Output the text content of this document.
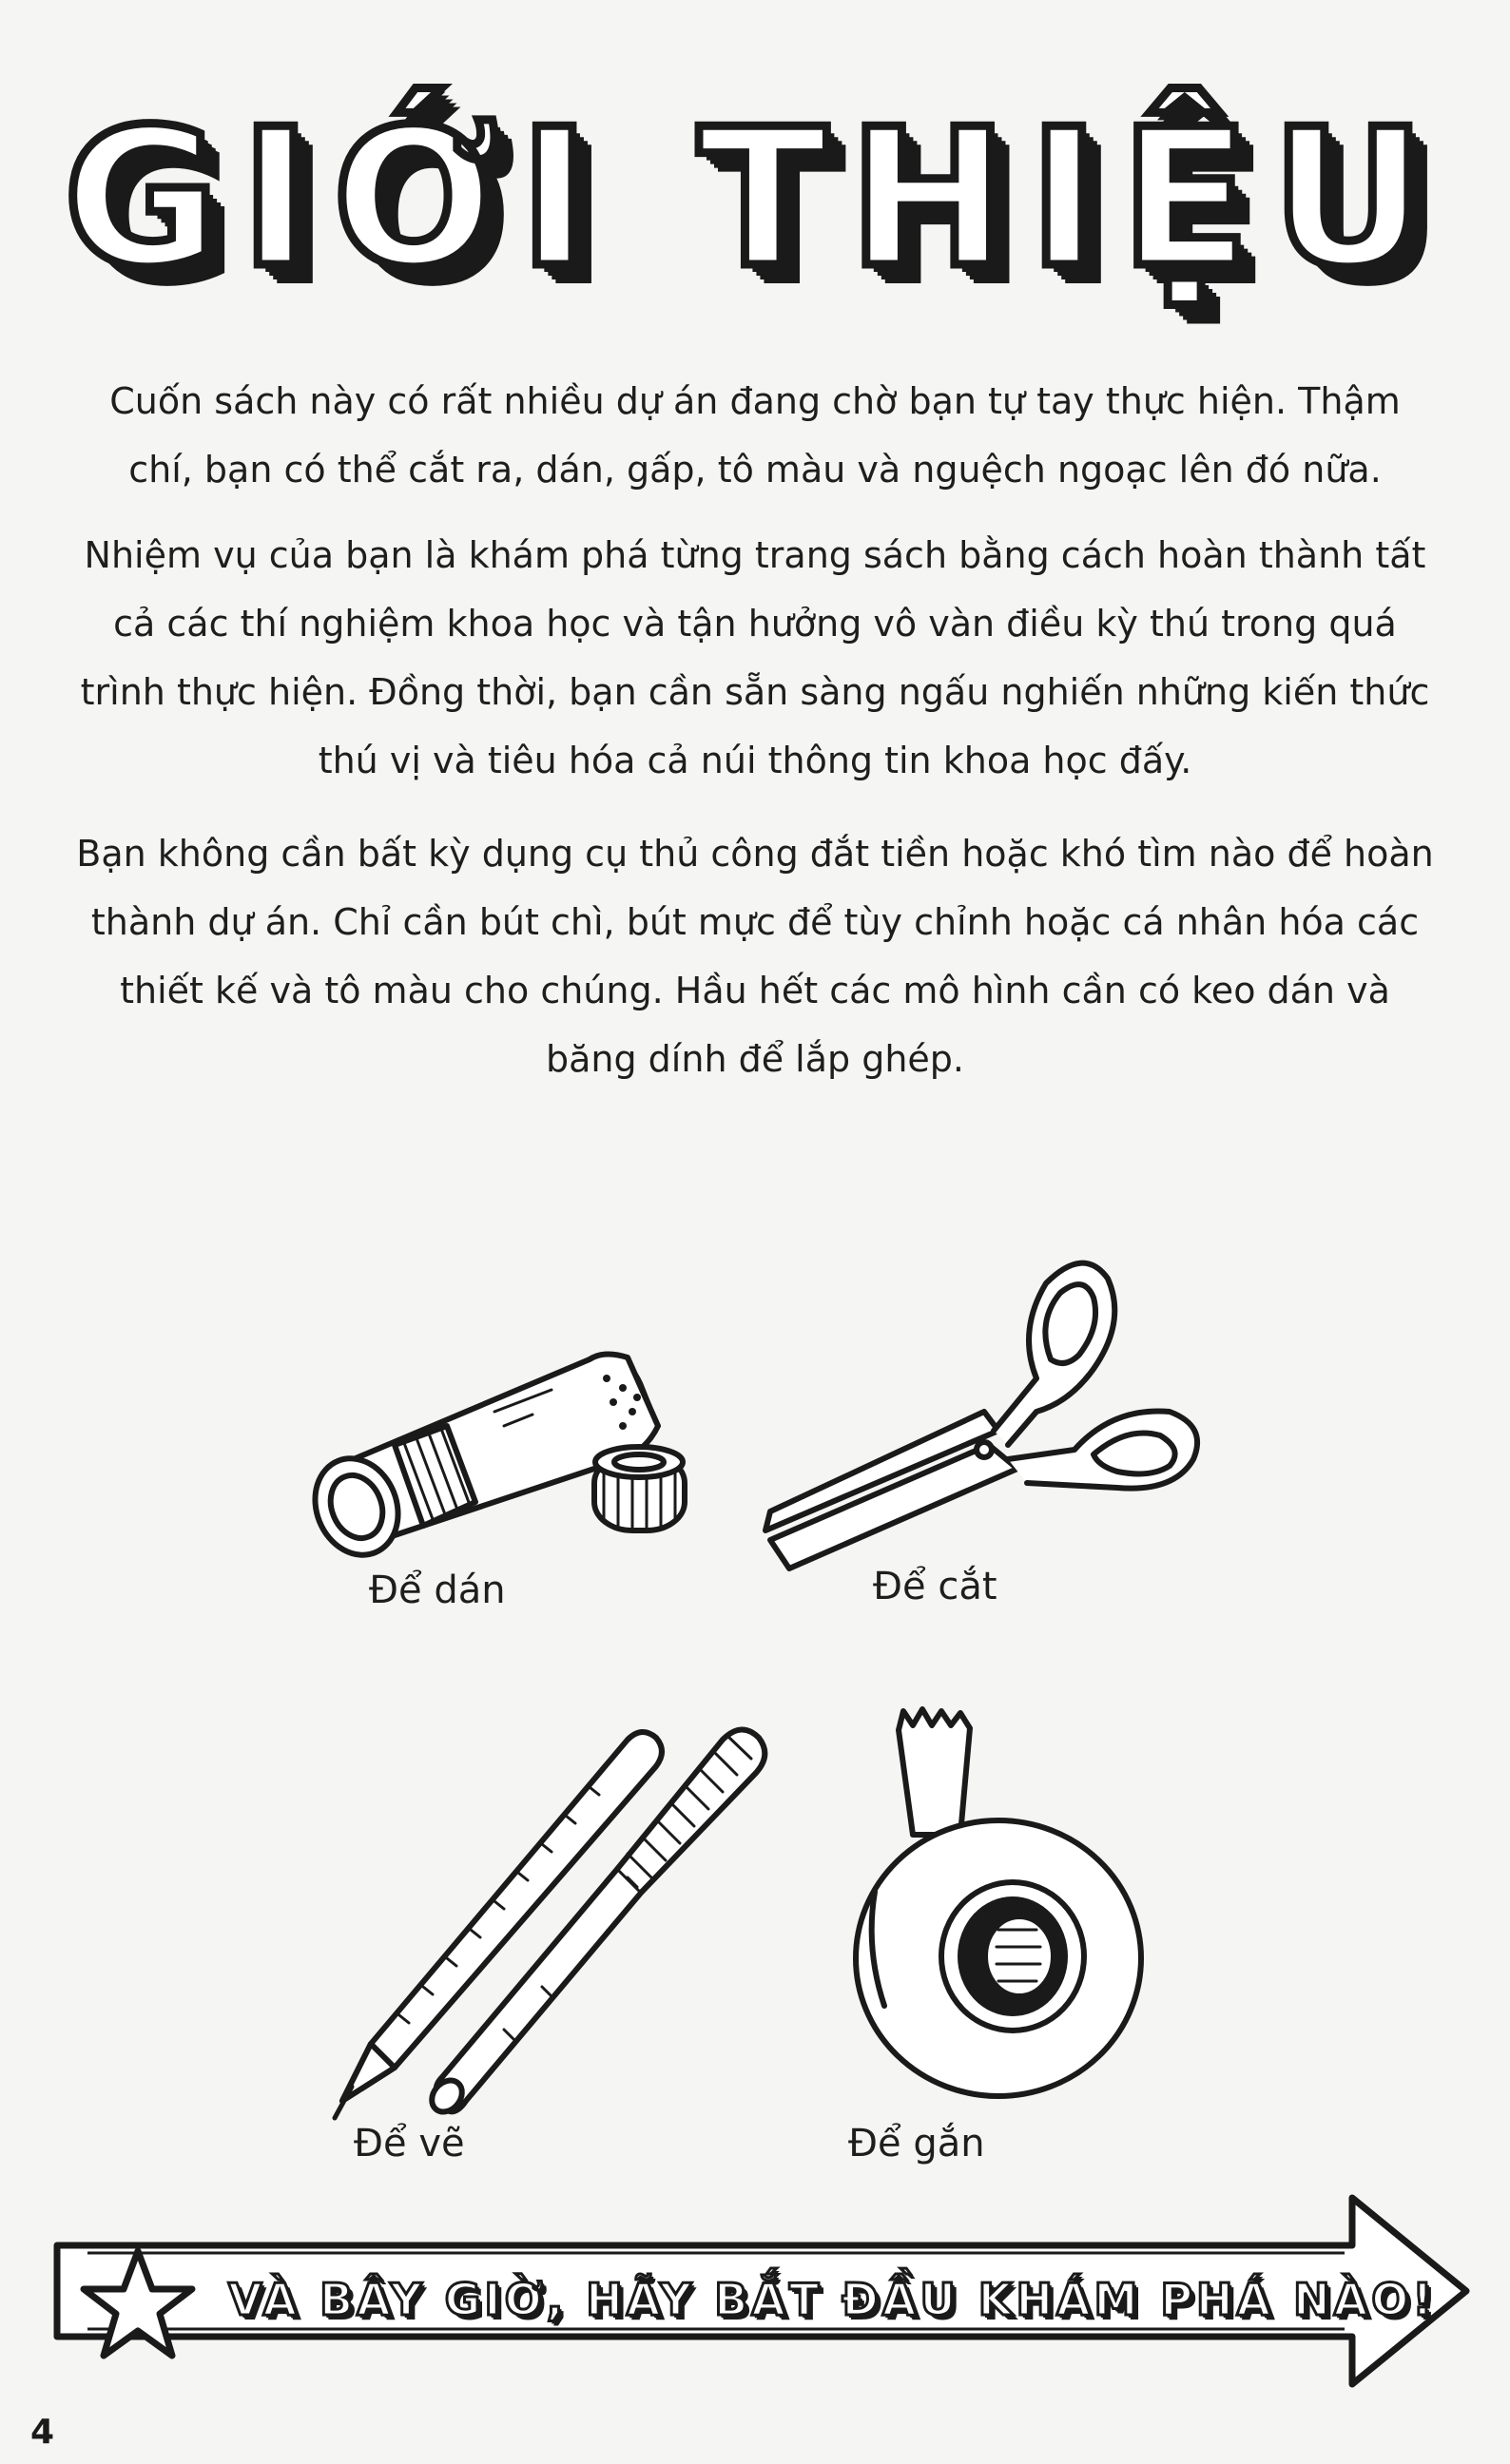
GIỚI THIỆU

Cuốn sách này có rất nhiều dự án đang chờ bạn tự tay thực hiện. Thậm chí, bạn có thể cắt ra, dán, gấp, tô màu và nguệch ngoạc lên đó nữa.

Nhiệm vụ của bạn là khám phá từng trang sách bằng cách hoàn thành tất cả các thí nghiệm khoa học và tận hưởng vô vàn điều kỳ thú trong quá trình thực hiện. Đồng thời, bạn cần sẵn sàng ngấu nghiến những kiến thức thú vị và tiêu hóa cả núi thông tin khoa học đấy.

Bạn không cần bất kỳ dụng cụ thủ công đắt tiền hoặc khó tìm nào để hoàn thành dự án. Chỉ cần bút chì, bút mực để tùy chỉnh hoặc cá nhân hóa các thiết kế và tô màu cho chúng. Hầu hết các mô hình cần có keo dán và băng dính để lắp ghép.

Để dán	Để cắt
Để vẽ	Để gắn
VÀ BÂY GIỜ, HÃY BẮT ĐẦU KHÁM PHÁ NÀO!
4
